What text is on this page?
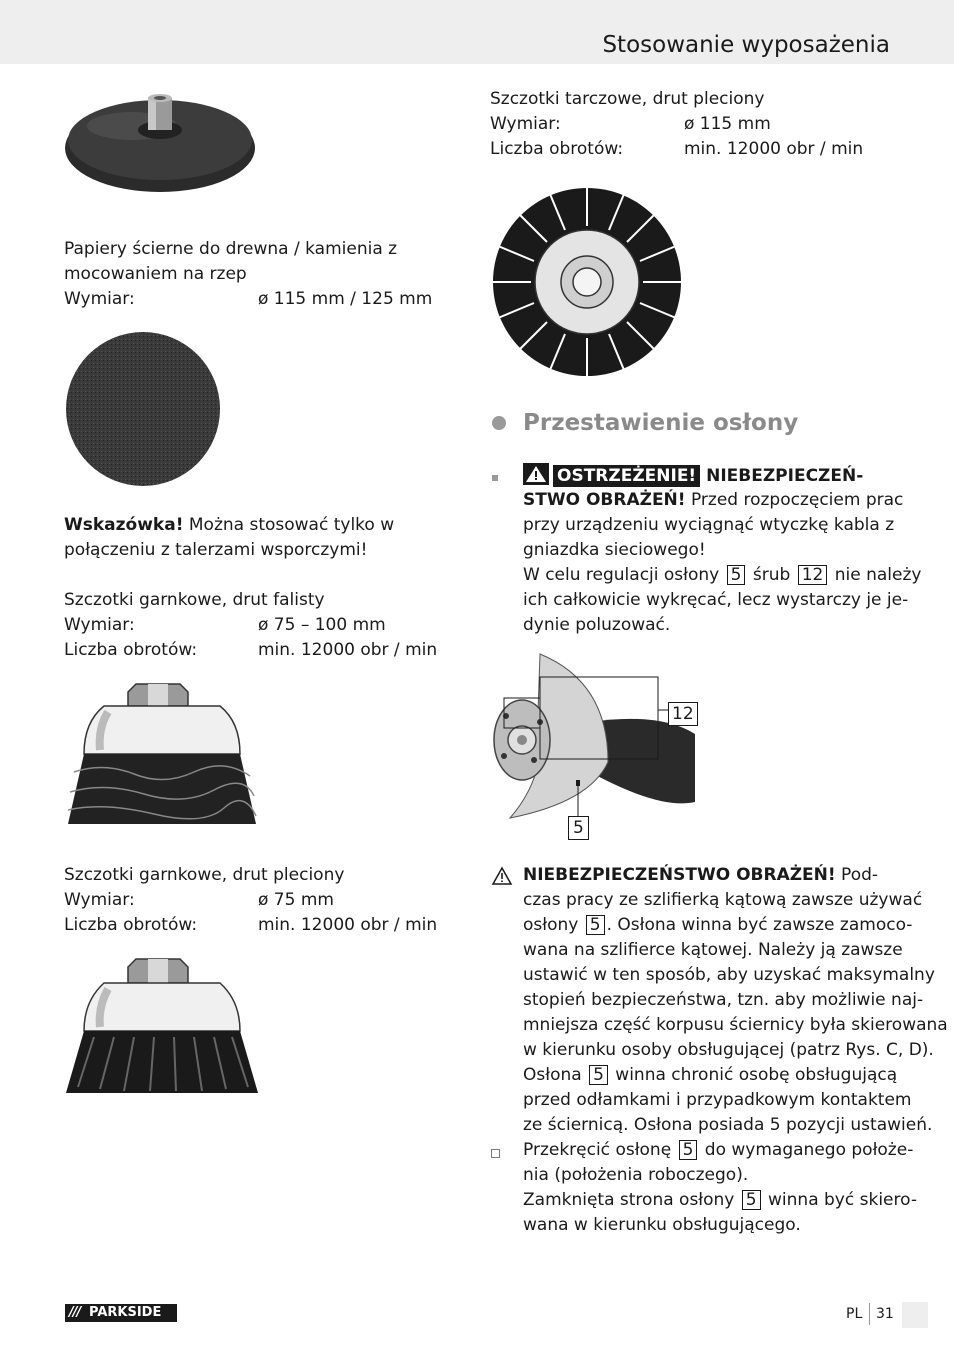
Stosowanie wyposażenia
Papiery ścierne do drewna / kamienia z
mocowaniem na rzep
Wymiar:	ø 115 mm / 125 mm
Wskazówka! Można stosować tylko w
połączeniu z talerzami wsporczymi!
Szczotki garnkowe, drut falisty
Wymiar:	ø 75 – 100 mm
Liczba obrotów:	min. 12000 obr / min
Szczotki garnkowe, drut pleciony
Wymiar:	ø 75 mm
Liczba obrotów:	min. 12000 obr / min
Szczotki tarczowe, drut pleciony
Wymiar:	ø 115 mm
Liczba obrotów:	min. 12000 obr / min
Przestawienie osłony
OSTRZEŻENIE! NIEBEZPIECZEŃ-
STWO OBRAŻEŃ! Przed rozpoczęciem prac
przy urządzeniu wyciągnąć wtyczkę kabla z
gniazdka sieciowego!
W celu regulacji osłony 5 śrub 12 nie należy
ich całkowicie wykręcać, lecz wystarczy je je-
dynie poluzować.
12
5
NIEBEZPIECZEŃSTWO OBRAŻEŃ! Pod-
czas pracy ze szlifierką kątową zawsze używać
osłony 5 . Osłona winna być zawsze zamoco-
wana na szlifierce kątowej. Należy ją zawsze
ustawić w ten sposób, aby uzyskać maksymalny
stopień bezpieczeństwa, tzn. aby możliwie naj-
mniejsza część korpusu ściernicy była skierowana
w kierunku osoby obsługującej (patrz Rys. C, D).
Osłona 5 winna chronić osobę obsługującą
przed odłamkami i przypadkowym kontaktem
ze ściernicą. Osłona posiada 5 pozycji ustawień.
Przekręcić osłonę 5 do wymaganego położe-
nia (położenia roboczego).
Zamknięta strona osłony 5 winna być skiero-
wana w kierunku obsługującego.
/// PARKSIDE	PL 31
